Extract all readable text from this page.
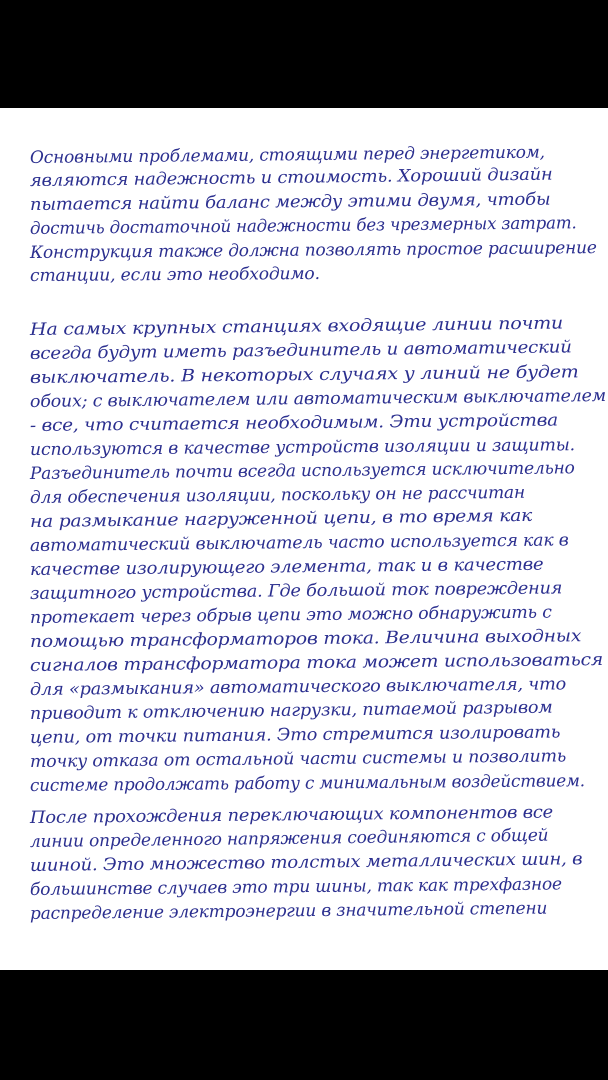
Основными проблемами, стоящими перед энергетиком,
являются надежность и стоимость. Хороший дизайн
пытается найти баланс между этими двумя, чтобы
достичь достаточной надежности без чрезмерных затрат.
Конструкция также должна позволять простое расширение
станции, если это необходимо.
На самых крупных станциях входящие линии почти
всегда будут иметь разъединитель и автоматический
выключатель. В некоторых случаях у линий не будет
обоих; с выключателем или автоматическим выключателем
- все, что считается необходимым. Эти устройства
используются в качестве устройств изоляции и защиты.
Разъединитель почти всегда используется исключительно
для обеспечения изоляции, поскольку он не рассчитан
на размыкание нагруженной цепи, в то время как
автоматический выключатель часто используется как в
качестве изолирующего элемента, так и в качестве
защитного устройства. Где большой ток повреждения
протекает через обрыв цепи это можно обнаружить с
помощью трансформаторов тока. Величина выходных
сигналов трансформатора тока может использоваться
для «размыкания» автоматического выключателя, что
приводит к отключению нагрузки, питаемой разрывом
цепи, от точки питания. Это стремится изолировать
точку отказа от остальной части системы и позволить
системе продолжать работу с минимальным воздействием.
После прохождения переключающих компонентов все
линии определенного напряжения соединяются с общей
шиной. Это множество толстых металлических шин, в
большинстве случаев это три шины, так как трехфазное
распределение электроэнергии в значительной степени
